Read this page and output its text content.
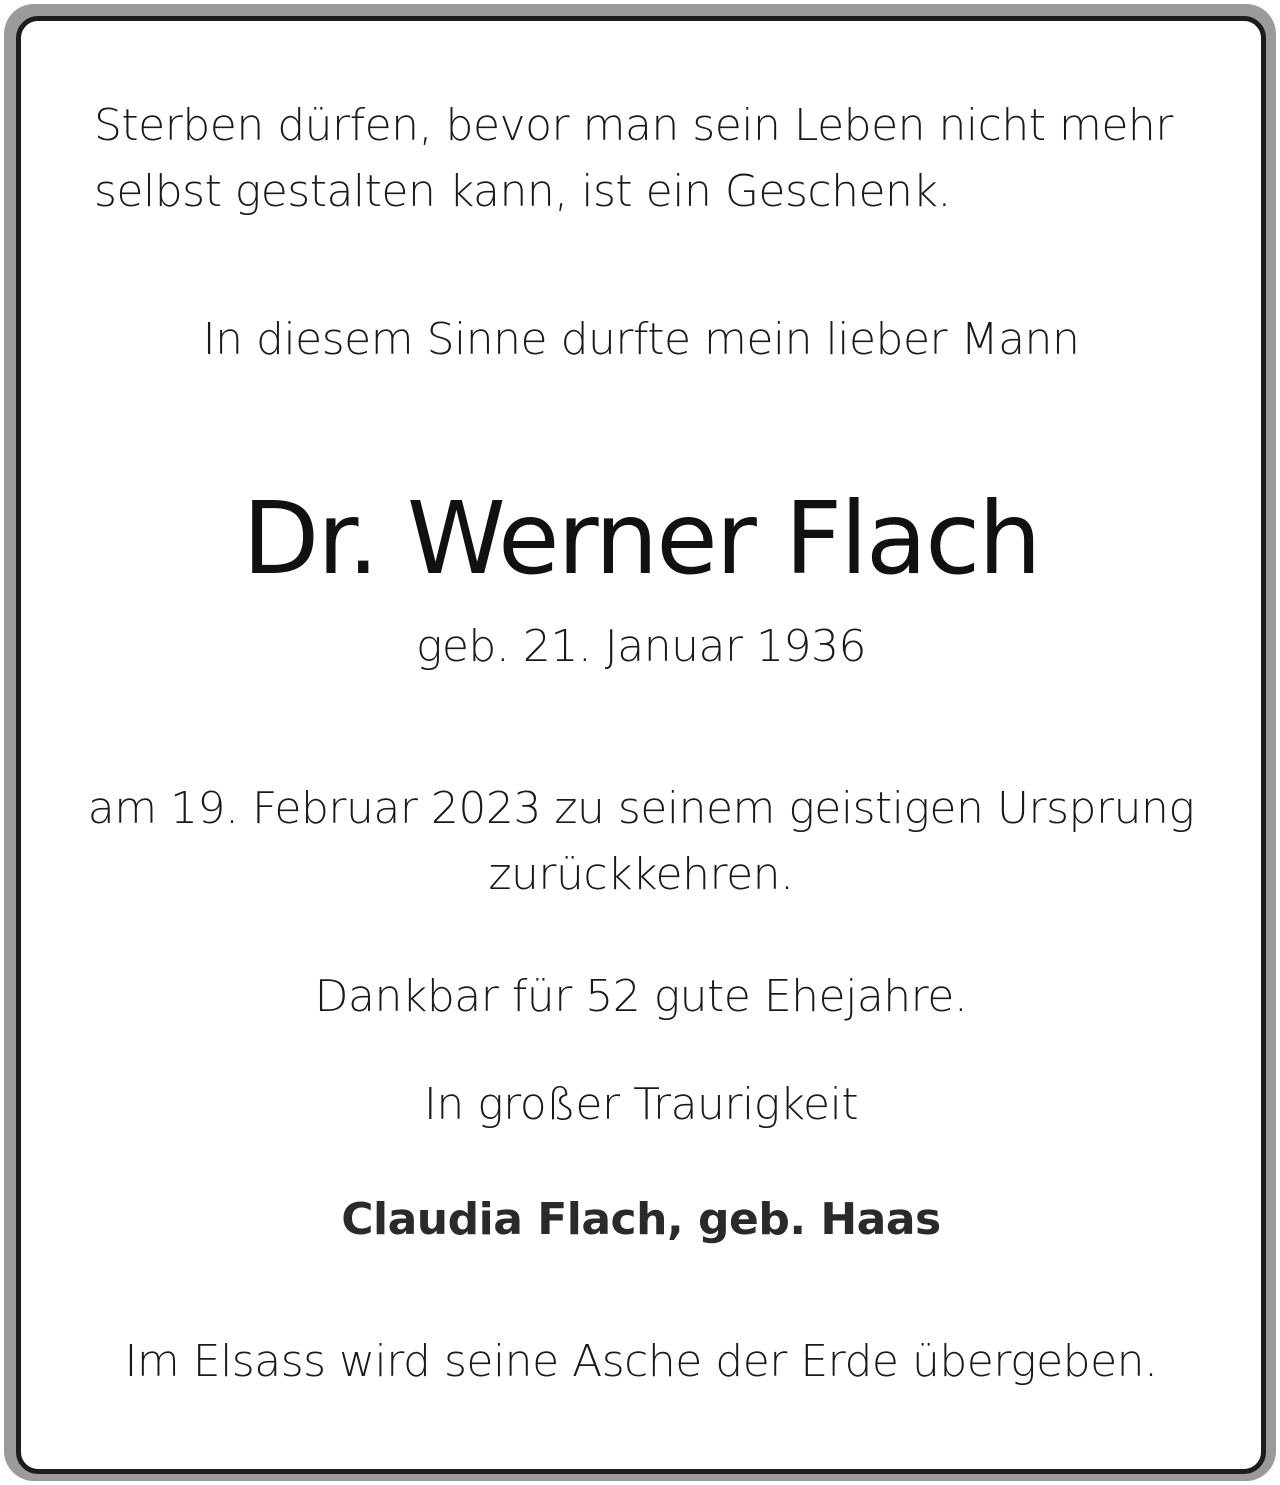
Sterben dürfen, bevor man sein Leben nicht mehr

selbst gestalten kann, ist ein Geschenk.

In diesem Sinne durfte mein lieber Mann

Dr. Werner Flach

geb. 21. Januar 1936

am 19. Februar 2023 zu seinem geistigen Ursprung

zurückkehren.

Dankbar für 52 gute Ehejahre.

In großer Traurigkeit

Claudia Flach, geb. Haas

Im Elsass wird seine Asche der Erde übergeben.
